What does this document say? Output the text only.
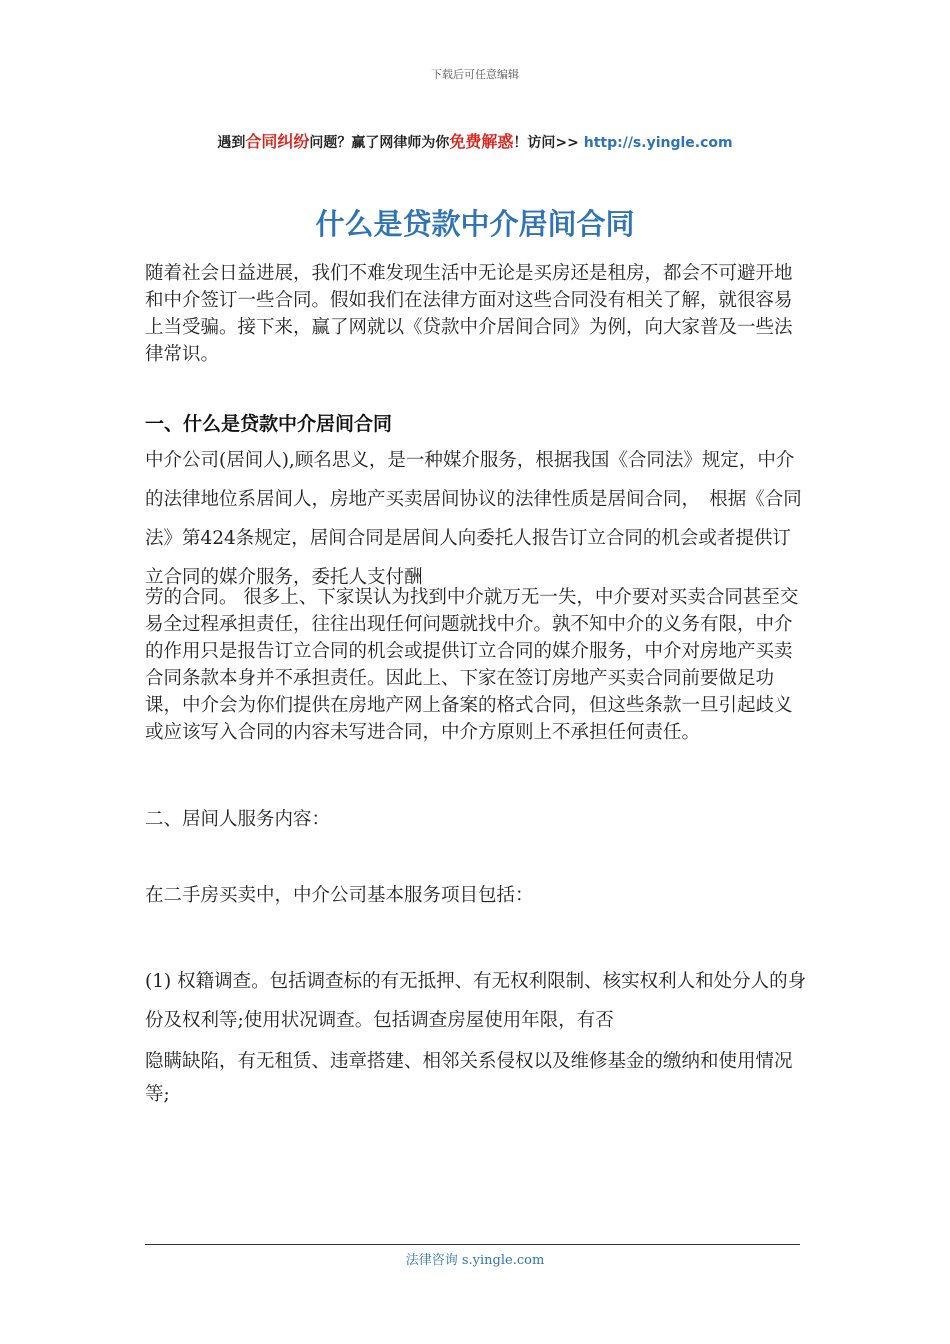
下载后可任意编辑
遇到合同纠纷问题？赢了网律师为你免费解惑！访问>> http://s.yingle.com
什么是贷款中介居间合同
随着社会日益进展，我们不难发现生活中无论是买房还是租房，都会不可避开地和中介签订一些合同。假如我们在法律方面对这些合同没有相关了解，就很容易上当受骗。接下来，赢了网就以《贷款中介居间合同》为例，向大家普及一些法律常识。
一、什么是贷款中介居间合同
中介公司(居间人),顾名思义，是一种媒介服务，根据我国《合同法》规定，中介的法律地位系居间人，房地产买卖居间协议的法律性质是居间合同，　根据《合同法》第424条规定，居间合同是居间人向委托人报告订立合同的机会或者提供订立合同的媒介服务，委托人支付酬
劳的合同。 很多上、下家误认为找到中介就万无一失，中介要对买卖合同甚至交易全过程承担责任，往往出现任何问题就找中介。孰不知中介的义务有限，中介的作用只是报告订立合同的机会或提供订立合同的媒介服务，中介对房地产买卖合同条款本身并不承担责任。因此上、下家在签订房地产买卖合同前要做足功课，中介会为你们提供在房地产网上备案的格式合同，但这些条款一旦引起歧义或应该写入合同的内容未写进合同，中介方原则上不承担任何责任。
二、居间人服务内容：
在二手房买卖中，中介公司基本服务项目包括：
(1) 权籍调查。包括调查标的有无抵押、有无权利限制、核实权利人和处分人的身份及权利等;使用状况调查。包括调查房屋使用年限，有否
隐瞒缺陷，有无租赁、违章搭建、相邻关系侵权以及维修基金的缴纳和使用情况等;
法律咨询 s.yingle.com
